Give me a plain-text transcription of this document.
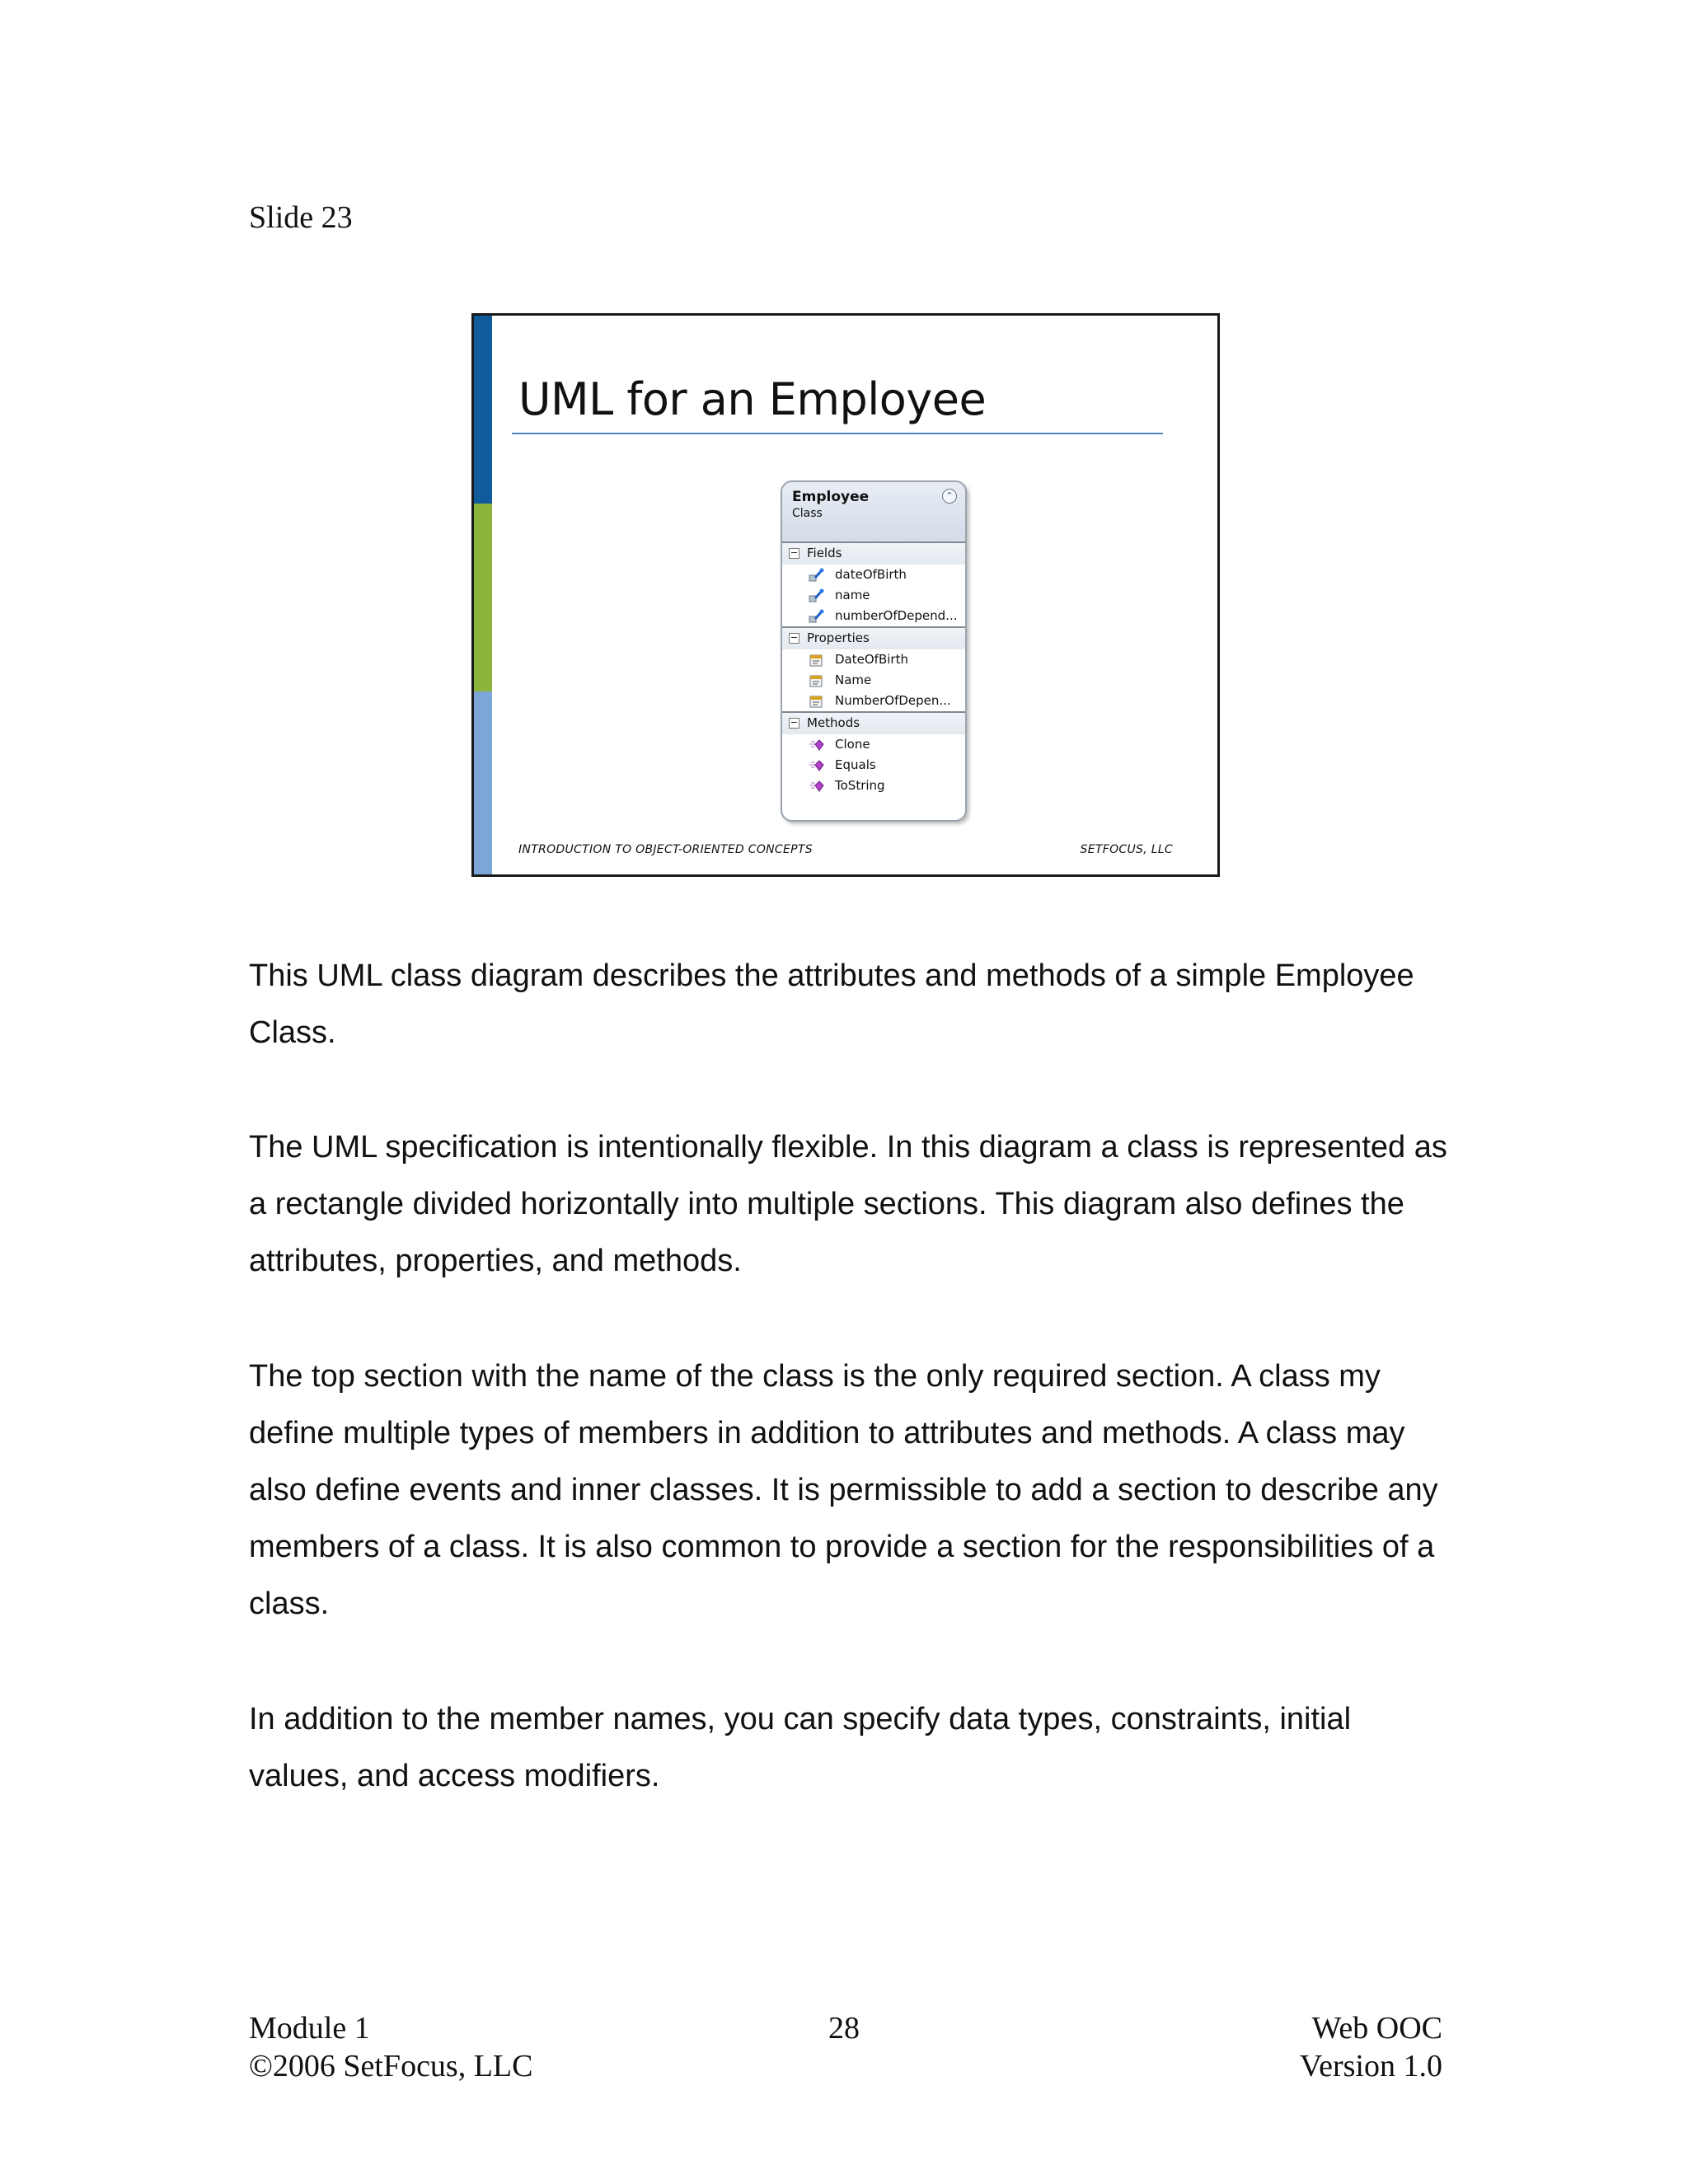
Slide 23
UML for an Employee
Employee
Class
⌃
− Fields
dateOfBirth
name
numberOfDepend...
− Properties
DateOfBirth
Name
NumberOfDepen...
− Methods
Clone
Equals
ToString
INTRODUCTION TO OBJECT-ORIENTED CONCEPTS	SETFOCUS, LLC

This UML class diagram describes the attributes and methods of a simple Employee Class.

The UML specification is intentionally flexible. In this diagram a class is represented as a rectangle divided horizontally into multiple sections. This diagram also defines the attributes, properties, and methods.

The top section with the name of the class is the only required section. A class my define multiple types of members in addition to attributes and methods. A class may also define events and inner classes. It is permissible to add a section to describe any members of a class. It is also common to provide a section for the responsibilities of a class.

In addition to the member names, you can specify data types, constraints, initial values, and access modifiers.

Module 1
©2006 SetFocus, LLC
28	Web OOC
Version 1.0
